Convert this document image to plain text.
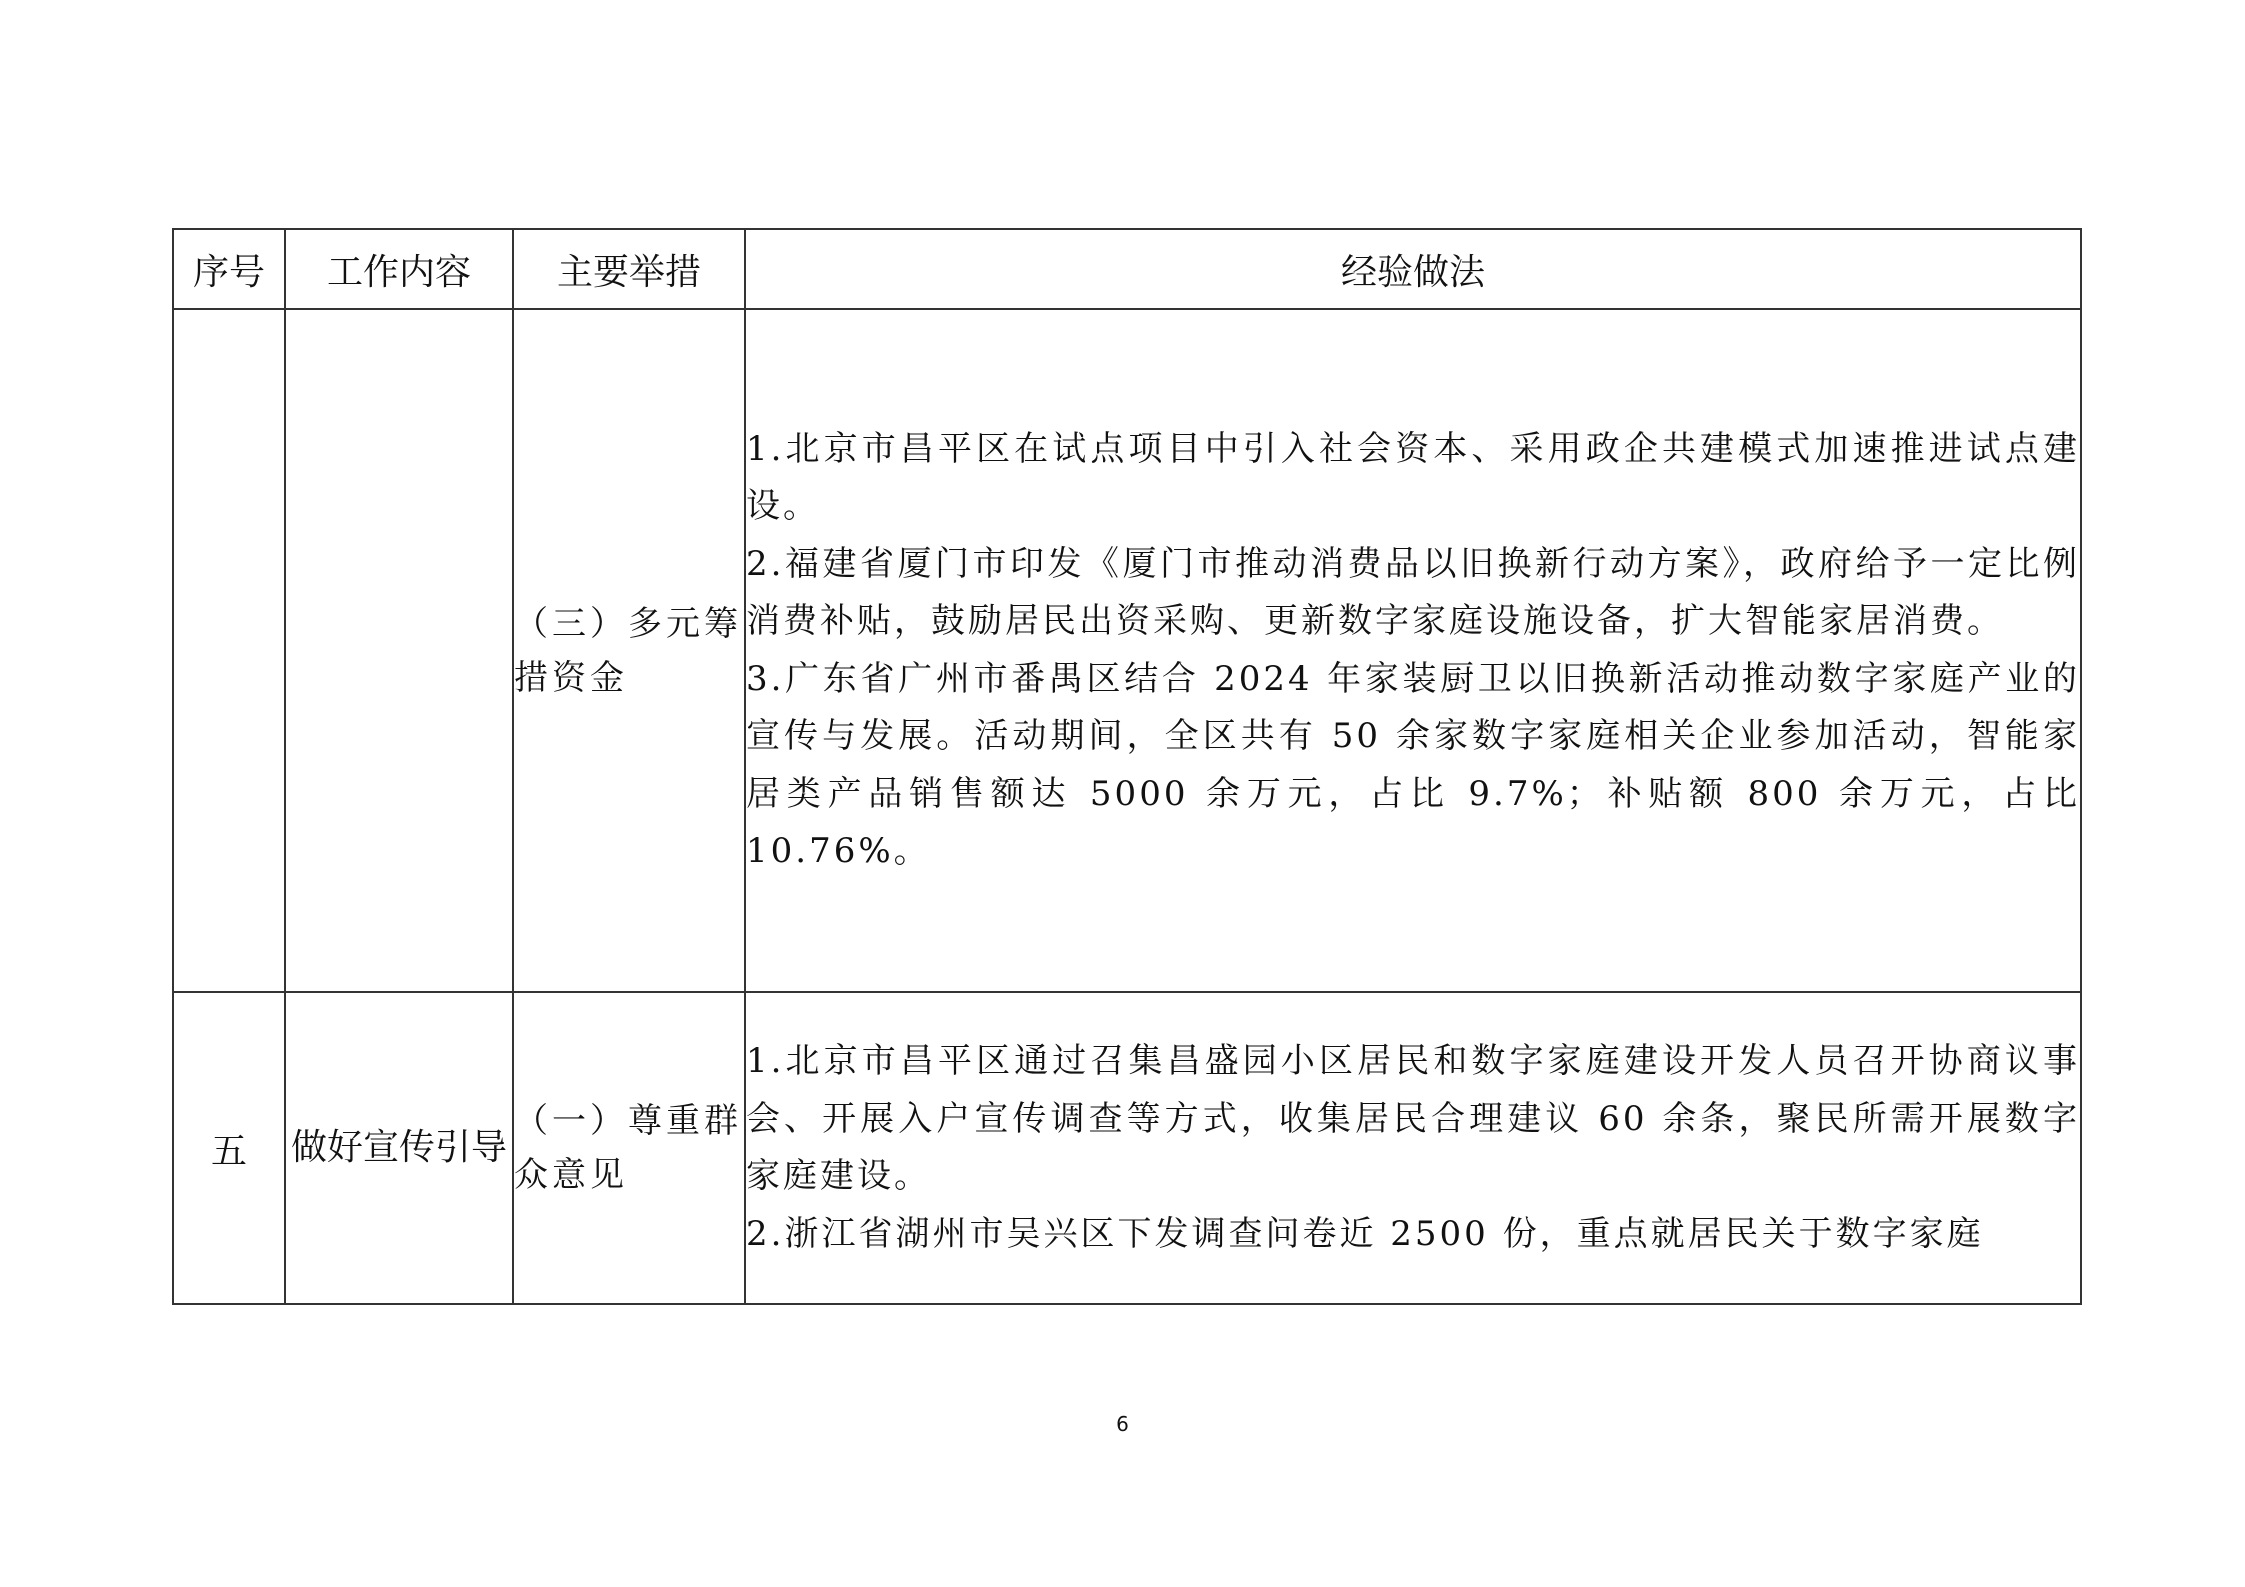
序号	工作内容	主要举措	经验做法
		（三）多元筹措资金	1.北京市昌平区在试点项目中引入社会资本、采用政企共建模式加速推进试点建设。

2.福建省厦门市印发《厦门市推动消费品以旧换新行动方案》，政府给予一定比例消费补贴，鼓励居民出资采购、更新数字家庭设施设备，扩大智能家居消费。

3.广东省广州市番禺区结合 2024 年家装厨卫以旧换新活动推动数字家庭产业的宣传与发展。活动期间，全区共有 50 余家数字家庭相关企业参加活动，智能家居类产品销售额达 5000 余万元，占比 9.7%；补贴额 800 余万元，占比 10.76%。

五	做好宣传引导	（一）尊重群众意见	1.北京市昌平区通过召集昌盛园小区居民和数字家庭建设开发人员召开协商议事会、开展入户宣传调查等方式，收集居民合理建议 60 余条，聚民所需开展数字家庭建设。

2.浙江省湖州市吴兴区下发调查问卷近 2500 份，重点就居民关于数字家庭

6
